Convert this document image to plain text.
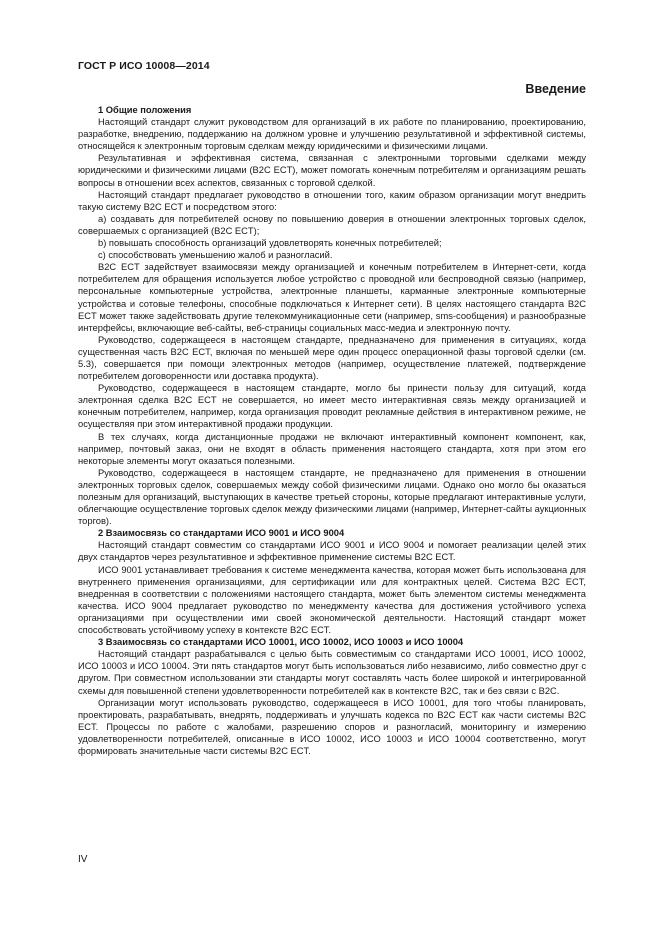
ГОСТ Р ИСО 10008—2014
Введение
1 Общие положения

Настоящий стандарт служит руководством для организаций в их работе по планированию, проектированию, разработке, внедрению, поддержанию на должном уровне и улучшению результативной и эффективной системы, относящейся к электронным торговым сделкам между юридическими и физическими лицами.

Результативная и эффективная система, связанная с электронными торговыми сделками между юридическими и физическими лицами (B2C ECT), может помогать конечным потребителям и организациям решать вопросы в отношении всех аспектов, связанных с торговой сделкой.

Настоящий стандарт предлагает руководство в отношении того, каким образом организации могут внедрить такую систему B2C ECT и посредством этого:

a) создавать для потребителей основу по повышению доверия в отношении электронных торговых сделок, совершаемых с организацией (B2C ECT);

b) повышать способность организаций удовлетворять конечных потребителей;

c) способствовать уменьшению жалоб и разногласий.

B2C ECT задействует взаимосвязи между организацией и конечным потребителем в Интернет-сети, когда потребителем для обращения используется любое устройство с проводной или беспроводной связью (например, персональные компьютерные устройства, электронные планшеты, карманные электронные компьютерные устройства и сотовые телефоны, способные подключаться к Интернет сети). В целях настоящего стандарта B2C ECT может также задействовать другие телекоммуникационные сети (например, sms-сообщения) и разнообразные интерфейсы, включающие веб-сайты, веб-страницы социальных масс-медиа и электронную почту.

Руководство, содержащееся в настоящем стандарте, предназначено для применения в ситуациях, когда существенная часть B2C ECT, включая по меньшей мере один процесс операционной фазы торговой сделки (см. 5.3), совершается при помощи электронных методов (например, осуществление платежей, подтверждение потребителем договоренности или доставка продукта).

Руководство, содержащееся в настоящем стандарте, могло бы принести пользу для ситуаций, когда электронная сделка B2C ECT не совершается, но имеет место интерактивная связь между организацией и конечным потребителем, например, когда организация проводит рекламные действия в интерактивном режиме, не осуществляя при этом интерактивной продажи продукции.

В тех случаях, когда дистанционные продажи не включают интерактивный компонент компонент, как, например, почтовый заказ, они не входят в область применения настоящего стандарта, хотя при этом его некоторые элементы могут оказаться полезными.

Руководство, содержащееся в настоящем стандарте, не предназначено для применения в отношении электронных торговых сделок, совершаемых между собой физическими лицами. Однако оно могло бы оказаться полезным для организаций, выступающих в качестве третьей стороны, которые предлагают интерактивные услуги, облегчающие осуществление торговых сделок между физическими лицами (например, Интернет-сайты аукционных торгов).

2 Взаимосвязь со стандартами ИСО 9001 и ИСО 9004

Настоящий стандарт совместим со стандартами ИСО 9001 и ИСО 9004 и помогает реализации целей этих двух стандартов через результативное и эффективное применение системы B2C ECT.

ИСО 9001 устанавливает требования к системе менеджмента качества, которая может быть использована для внутреннего применения организациями, для сертификации или для контрактных целей. Система B2C ECT, внедренная в соответствии с положениями настоящего стандарта, может быть элементом системы менеджмента качества. ИСО 9004 предлагает руководство по менеджменту качества для достижения устойчивого успеха организациями при осуществлении ими своей экономической деятельности. Настоящий стандарт может способствовать устойчивому успеху в контексте B2C ECT.

3 Взаимосвязь со стандартами ИСО 10001, ИСО 10002, ИСО 10003 и ИСО 10004

Настоящий стандарт разрабатывался с целью быть совместимым со стандартами ИСО 10001, ИСО 10002, ИСО 10003 и ИСО 10004. Эти пять стандартов могут быть использоваться либо независимо, либо совместно друг с другом. При совместном использовании эти стандарты могут составлять часть более широкой и интегрированной схемы для повышенной степени удовлетворенности потребителей как в контексте B2C, так и без связи с B2C.

Организации могут использовать руководство, содержащееся в ИСО 10001, для того чтобы планировать, проектировать, разрабатывать, внедрять, поддерживать и улучшать кодекса по B2C ECT как части системы B2C ECT. Процессы по работе с жалобами, разрешению споров и разногласий, мониторингу и измерению удовлетворенности потребителей, описанные в ИСО 10002, ИСО 10003 и ИСО 10004 соответственно, могут формировать значительные части системы B2C ECT.

IV
